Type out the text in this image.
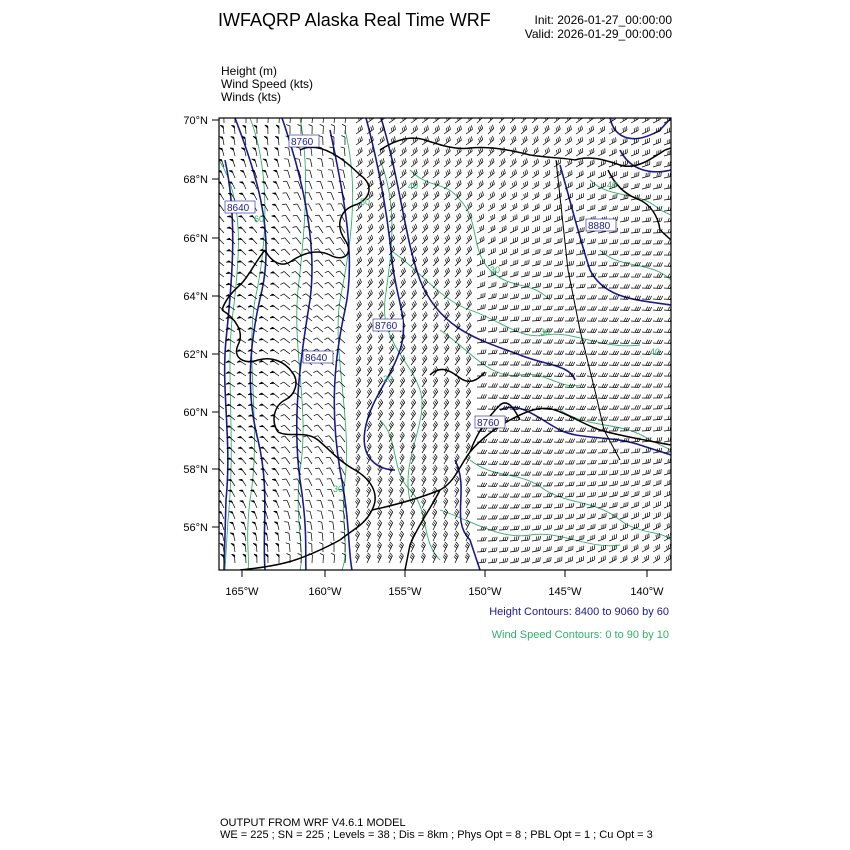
IWFAQRP Alaska Real Time WRF	Init: 2026-01-27_00:00:00
Valid: 2026-01-29_00:00:00
Height (m)
Wind Speed (kts)
Winds (kts)
70°N
68°N
66°N
64°N
62°N
60°N
58°N
56°N
165°W	160°W	155°W	150°W	145°W	140°W
8760
8640
8760
8640
8760
8880
60
50
40	40
30
30
20
30
40
Height Contours: 8400 to 9060 by 60
Wind Speed Contours: 0 to 90 by 10
OUTPUT FROM WRF V4.6.1 MODEL
WE = 225 ; SN = 225 ; Levels = 38 ; Dis = 8km ; Phys Opt = 8 ; PBL Opt = 1 ; Cu Opt = 3
